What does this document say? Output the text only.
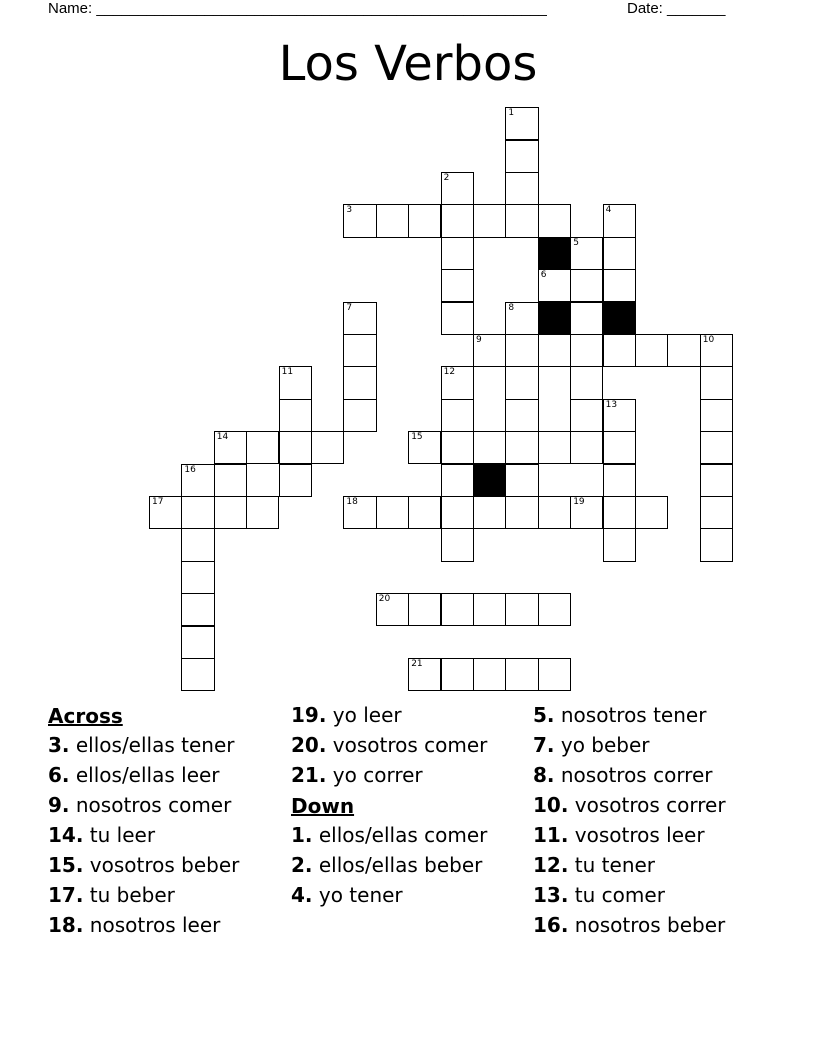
Name: ______________________________________________________	Date: _______
Los Verbos
1
2
3	4
5
6
7	8
9	10
11	12
13
14	15
16
17	18	19
20
21
Across
3. ellos/ellas tener
6. ellos/ellas leer
9. nosotros comer
14. tu leer
15. vosotros beber
17. tu beber
18. nosotros leer
19. yo leer
20. vosotros comer
21. yo correr
Down
1. ellos/ellas comer
2. ellos/ellas beber
4. yo tener
5. nosotros tener
7. yo beber
8. nosotros correr
10. vosotros correr
11. vosotros leer
12. tu tener
13. tu comer
16. nosotros beber
